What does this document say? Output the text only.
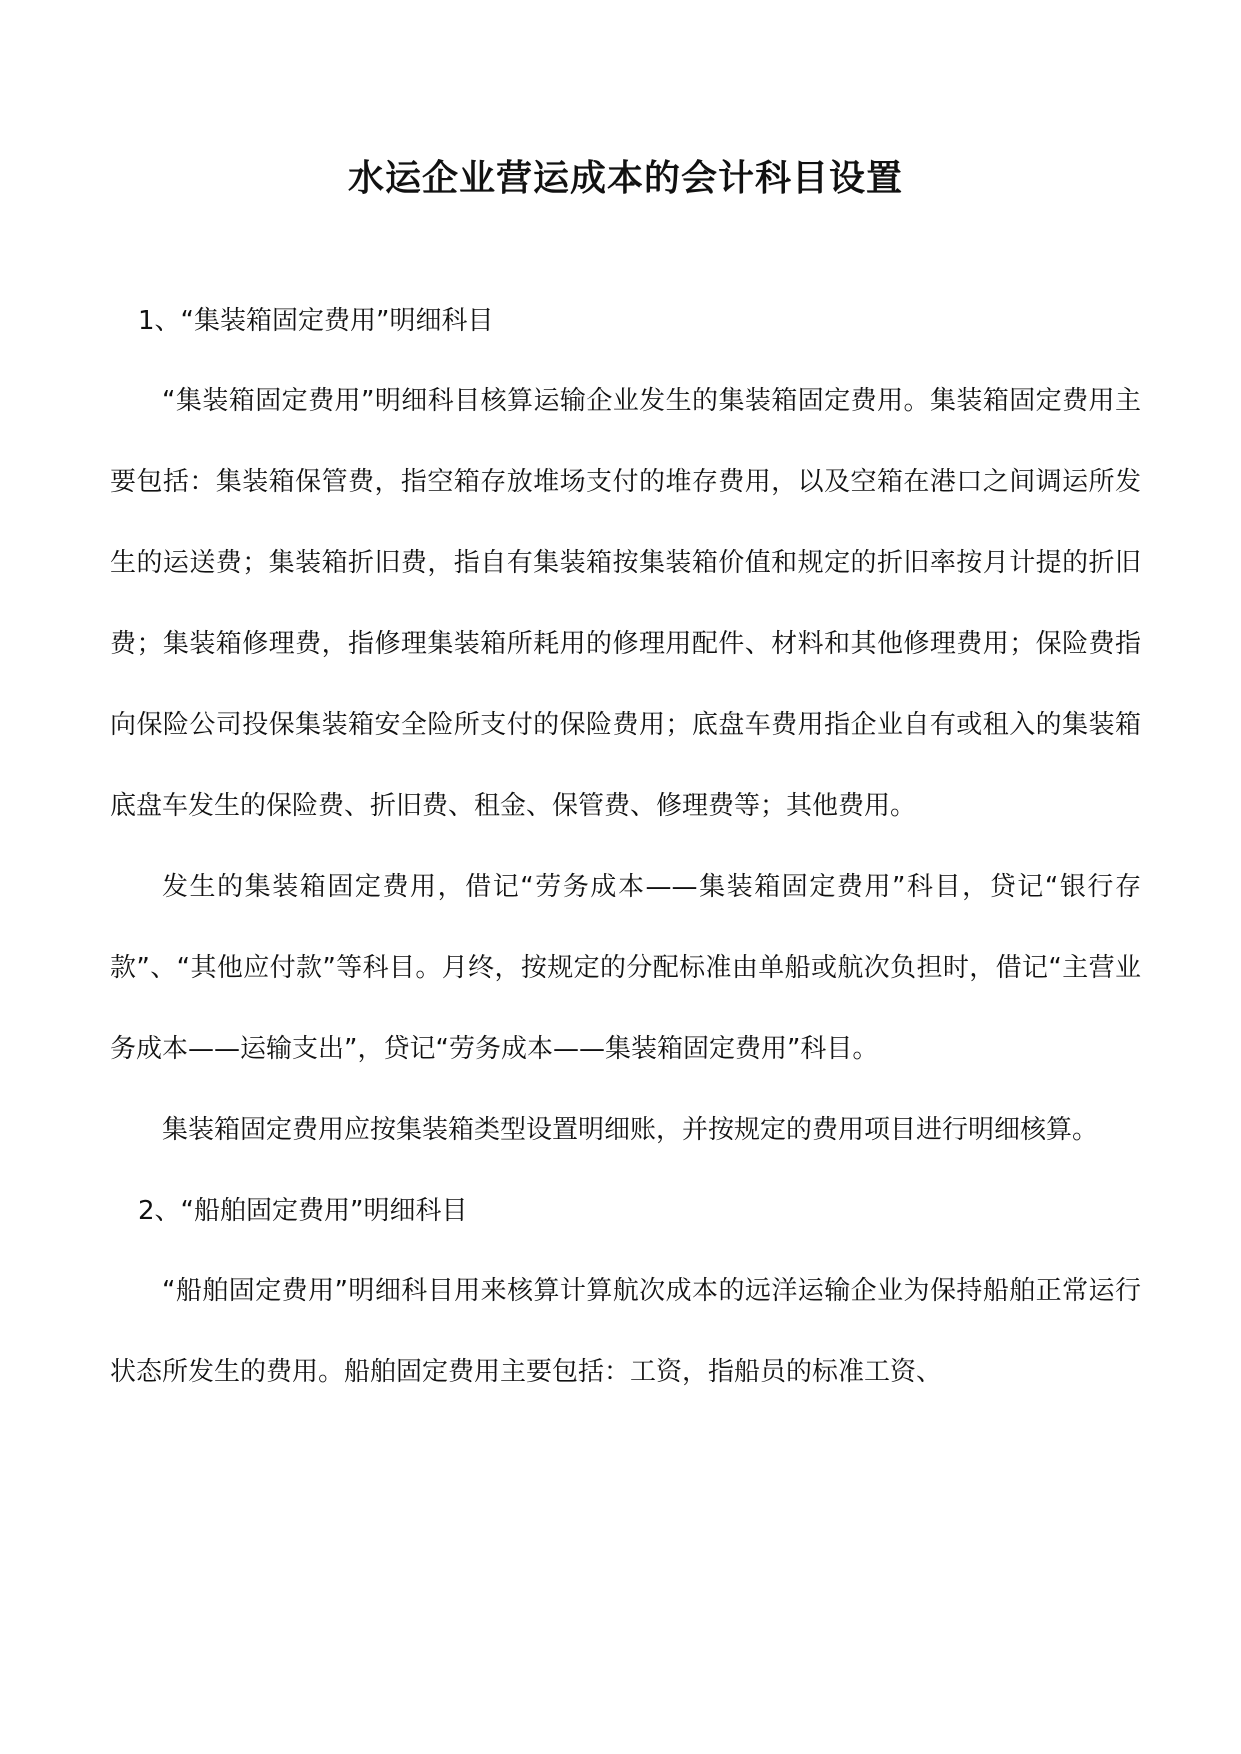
水运企业营运成本的会计科目设置

1、“集装箱固定费用”明细科目

“集装箱固定费用”明细科目核算运输企业发生的集装箱固定费用。集装箱固定费用主要包括：集装箱保管费，指空箱存放堆场支付的堆存费用，以及空箱在港口之间调运所发生的运送费；集装箱折旧费，指自有集装箱按集装箱价值和规定的折旧率按月计提的折旧费；集装箱修理费，指修理集装箱所耗用的修理用配件、材料和其他修理费用；保险费指向保险公司投保集装箱安全险所支付的保险费用；底盘车费用指企业自有或租入的集装箱底盘车发生的保险费、折旧费、租金、保管费、修理费等；其他费用。

发生的集装箱固定费用，借记“劳务成本——集装箱固定费用”科目，贷记“银行存款”、“其他应付款”等科目。月终，按规定的分配标准由单船或航次负担时，借记“主营业务成本——运输支出”，贷记“劳务成本——集装箱固定费用”科目。

集装箱固定费用应按集装箱类型设置明细账，并按规定的费用项目进行明细核算。

2、“船舶固定费用”明细科目

“船舶固定费用”明细科目用来核算计算航次成本的远洋运输企业为保持船舶正常运行状态所发生的费用。船舶固定费用主要包括：工资，指船员的标准工资、
